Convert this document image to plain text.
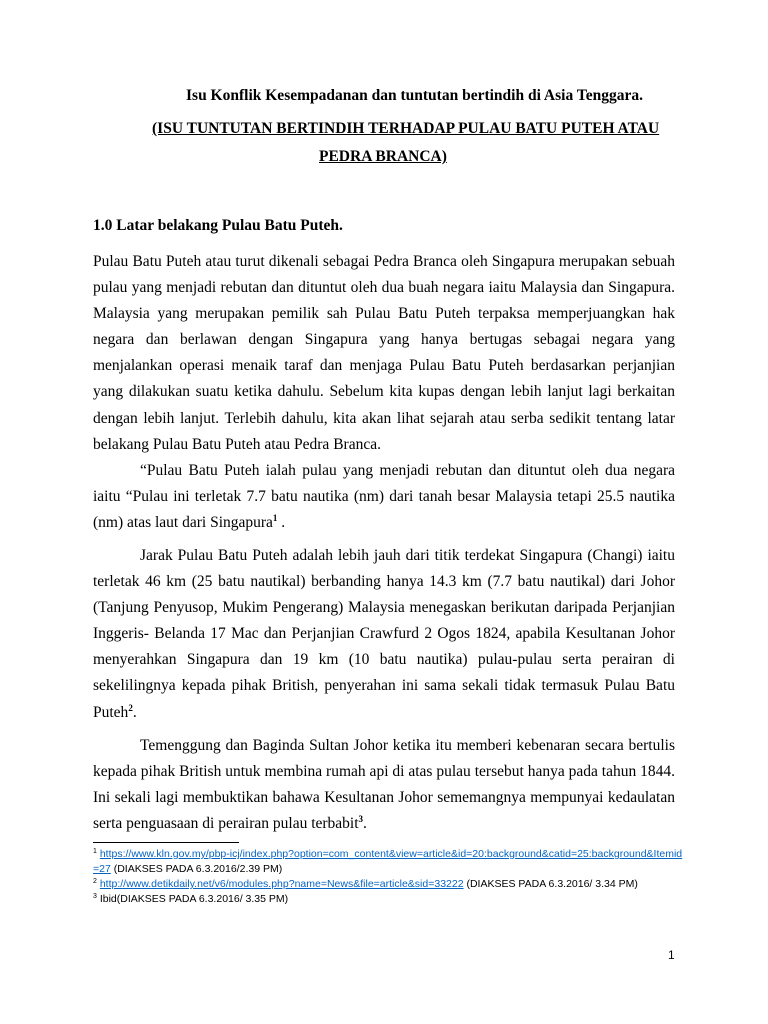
Isu Konflik Kesempadanan dan tuntutan bertindih di Asia Tenggara.
(ISU TUNTUTAN BERTINDIH TERHADAP PULAU BATU PUTEH ATAU
PEDRA BRANCA)
1.0 Latar belakang Pulau Batu Puteh.
Pulau Batu Puteh atau turut dikenali sebagai Pedra Branca oleh Singapura merupakan sebuah pulau yang menjadi rebutan dan dituntut oleh dua buah negara iaitu Malaysia dan Singapura. Malaysia yang merupakan pemilik sah Pulau Batu Puteh terpaksa memperjuangkan hak negara dan berlawan dengan Singapura yang hanya bertugas sebagai negara yang menjalankan operasi menaik taraf dan menjaga Pulau Batu Puteh berdasarkan perjanjian yang dilakukan suatu ketika dahulu. Sebelum kita kupas dengan lebih lanjut lagi berkaitan dengan lebih lanjut. Terlebih dahulu, kita akan lihat sejarah atau serba sedikit tentang latar belakang Pulau Batu Puteh atau Pedra Branca.
“Pulau Batu Puteh ialah pulau yang menjadi rebutan dan dituntut oleh dua negara iaitu “Pulau ini terletak 7.7 batu nautika (nm) dari tanah besar Malaysia tetapi 25.5 nautika (nm) atas laut dari Singapura$^1$ .
Jarak Pulau Batu Puteh adalah lebih jauh dari titik terdekat Singapura (Changi) iaitu terletak 46 km (25 batu nautikal) berbanding hanya 14.3 km (7.7 batu nautikal) dari Johor (Tanjung Penyusop, Mukim Pengerang) Malaysia menegaskan berikutan daripada Perjanjian Inggeris- Belanda 17 Mac dan Perjanjian Crawfurd 2 Ogos 1824, apabila Kesultanan Johor menyerahkan Singapura dan 19 km (10 batu nautika) pulau-pulau serta perairan di sekelilingnya kepada pihak British, penyerahan ini sama sekali tidak termasuk Pulau Batu Puteh$^2$.
Temenggung dan Baginda Sultan Johor ketika itu memberi kebenaran secara bertulis kepada pihak British untuk membina rumah api di atas pulau tersebut hanya pada tahun 1844. Ini sekali lagi membuktikan bahawa Kesultanan Johor sememangnya mempunyai kedaulatan serta penguasaan di perairan pulau terbabit$^3$.

$^1$ https://www.kln.gov.my/pbp-icj/index.php?option=com_content&view=article&id=20:background&catid=25:background&Itemid=27 (DIAKSES PADA 6.3.2016/2.39 PM)

$^2$ http://www.detikdaily.net/v6/modules.php?name=News&file=article&sid=33222 (DIAKSES PADA 6.3.2016/ 3.34 PM)

$^3$ Ibid(DIAKSES PADA 6.3.2016/ 3.35 PM)

1
